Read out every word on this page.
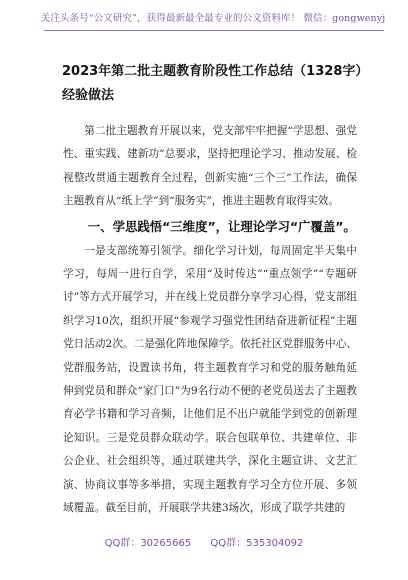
关注头条号“公文研究”，获得最新最全最专业的公文资料库！ 微信：gongwenyj
2023年第二批主题教育阶段性工作总结（1328字）经验做法

第二批主题教育开展以来，党支部牢牢把握“学思想、强党性、重实践、建新功”总要求，坚持把理论学习、推动发展、检视整改贯通主题教育全过程，创新实施“三个三”工作法，确保主题教育从“纸上学”到“服务实”，推进主题教育取得实效。

一、学思践悟“三维度”，让理论学习“广覆盖”。

一是支部统筹引领学。细化学习计划，每周固定半天集中学习，每周一进行自学，采用“及时传达”“重点领学”“专题研讨”等方式开展学习，并在线上党员群分享学习心得，党支部组织学习10次，组织开展“参观学习强党性团结奋进新征程”主题党日活动2次。二是强化阵地保障学。依托社区党群服务中心、党群服务站，设置读书角，将主题教育学习和党的服务触角延伸到党员和群众“家门口”为9名行动不便的老党员送去了主题教育必学书籍和学习音频，让他们足不出户就能学到党的创新理论知识。三是党员群众联动学。联合包联单位、共建单位、非公企业、社会组织等，通过联建共学，深化主题宣讲、文艺汇演、协商议事等多举措，实现主题教育学习全方位开展、多领域覆盖。截至目前，开展联学共建3场次，形成了联学共建的

QQ群：30265665 QQ群：535304092
